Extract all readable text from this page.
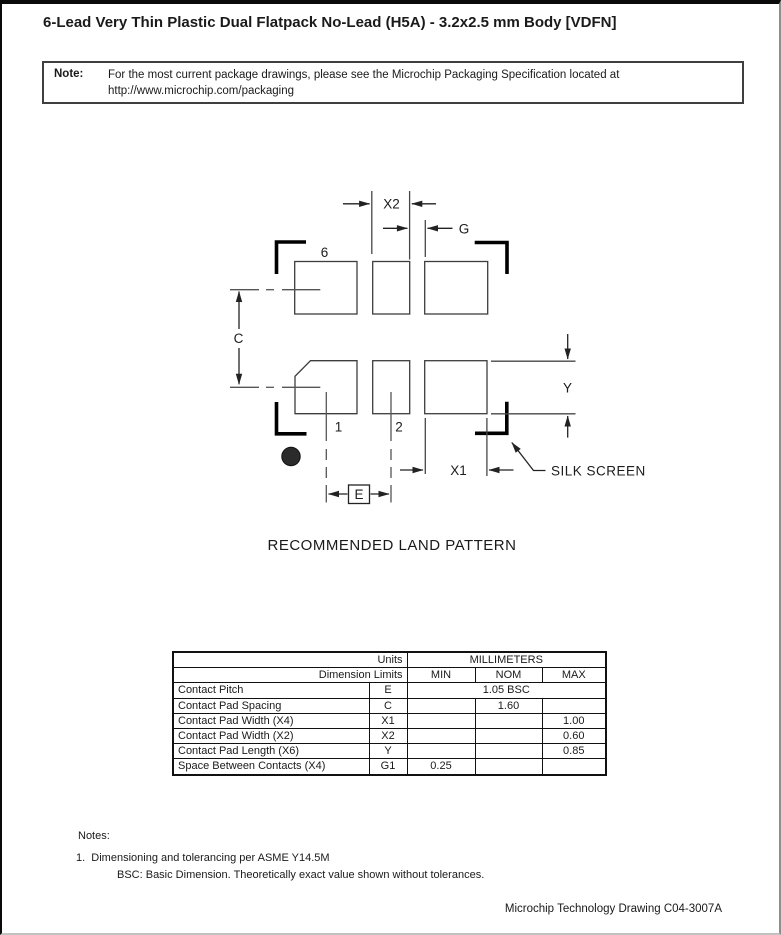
6-Lead Very Thin Plastic Dual Flatpack No-Lead (H5A) - 3.2x2.5 mm Body [VDFN]
Note: For the most current package drawings, please see the Microchip Packaging Specification located at
http://www.microchip.com/packaging
X2
G
6
C
Y
1	2
X1
E
SILK SCREEN
RECOMMENDED LAND PATTERN
Units		MILLIMETERS		
Dimension Limits		MIN	NOM	MAX
Contact Pitch	E	1.05 BSC		
Contact Pad Spacing	C		1.60	
Contact Pad Width (X4)	X1			1.00
Contact Pad Width (X2)	X2			0.60
Contact Pad Length (X6)	Y			0.85
Space Between Contacts (X4)	G1	0.25		
Notes:
1.  Dimensioning and tolerancing per ASME Y14.5M
BSC: Basic Dimension. Theoretically exact value shown without tolerances.
Microchip Technology Drawing C04-3007A
